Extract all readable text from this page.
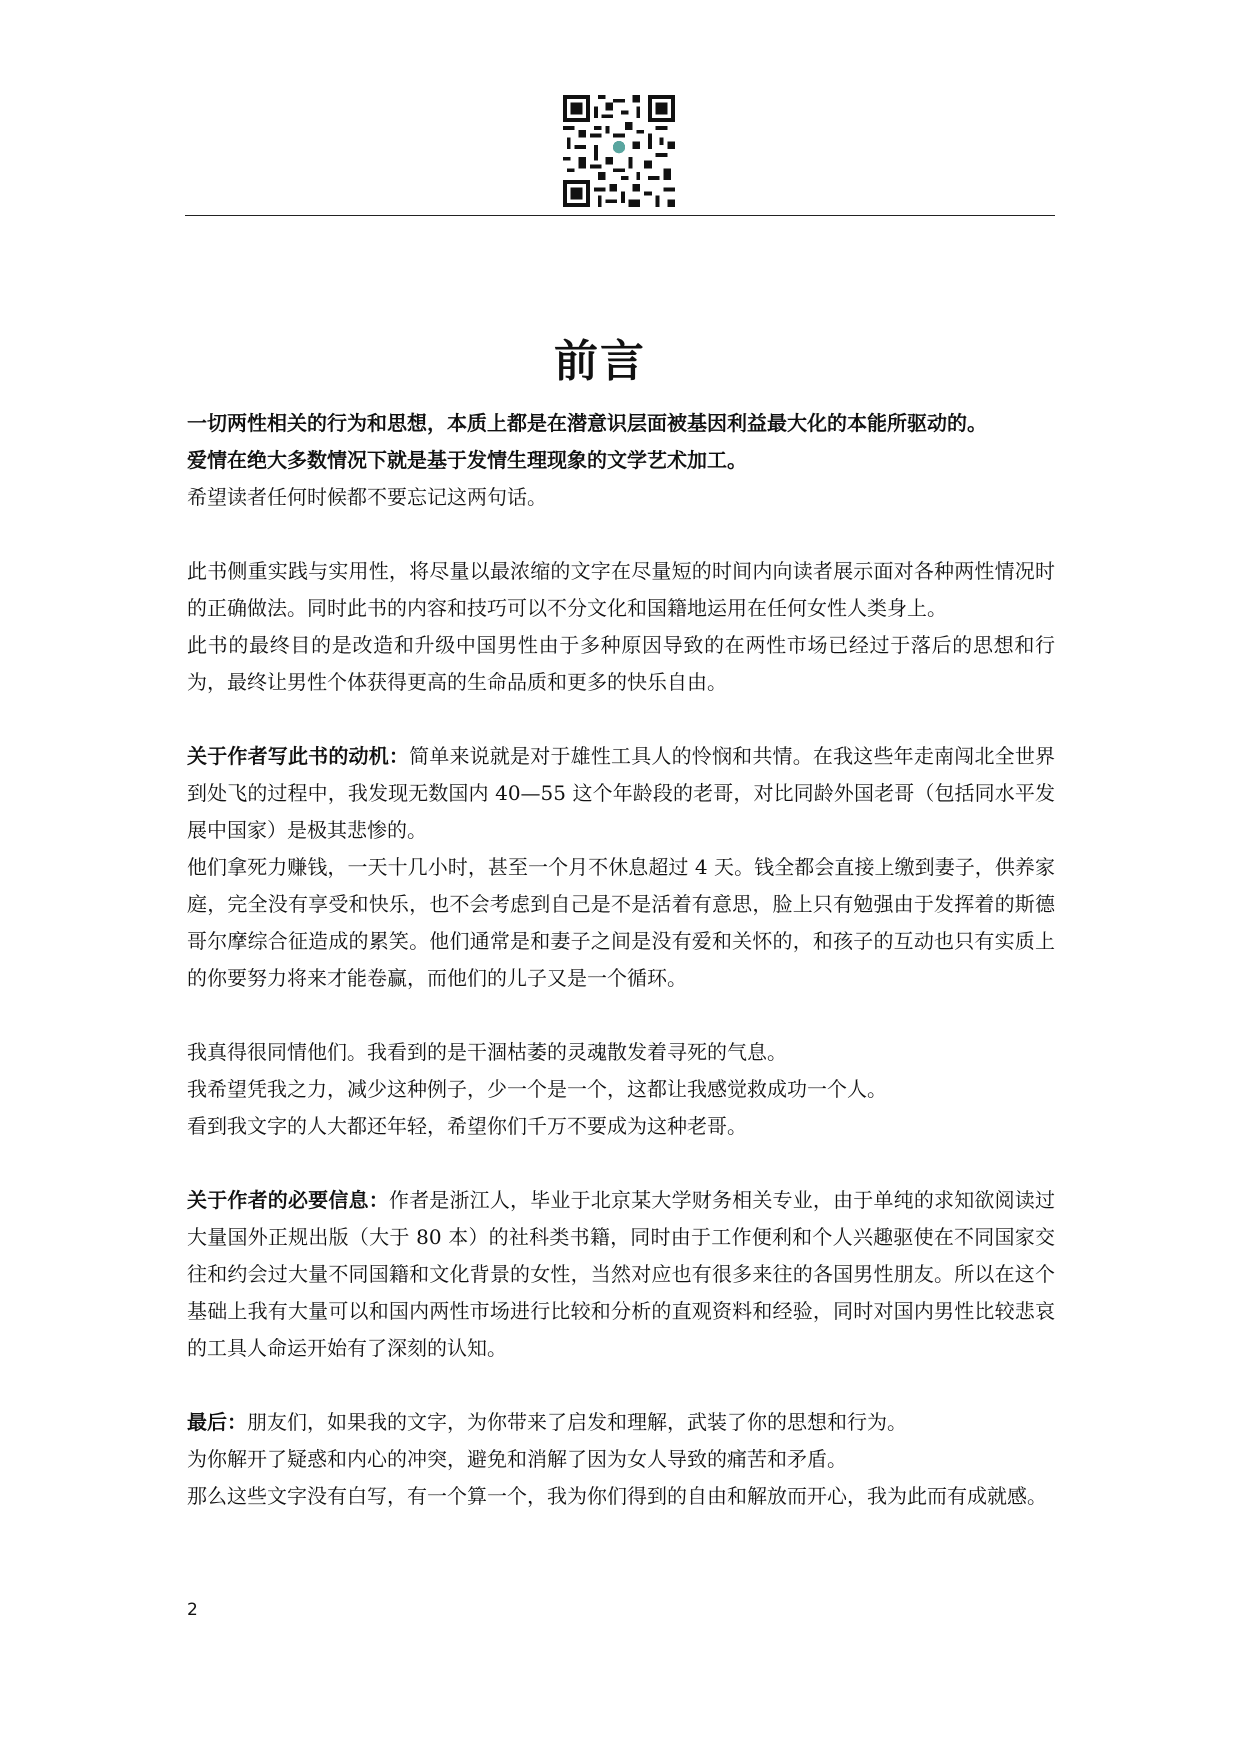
前言

一切两性相关的行为和思想，本质上都是在潜意识层面被基因利益最大化的本能所驱动的。

爱情在绝大多数情况下就是基于发情生理现象的文学艺术加工。

希望读者任何时候都不要忘记这两句话。

此书侧重实践与实用性，将尽量以最浓缩的文字在尽量短的时间内向读者展示面对各种两性情况时的正确做法。同时此书的内容和技巧可以不分文化和国籍地运用在任何女性人类身上。

此书的最终目的是改造和升级中国男性由于多种原因导致的在两性市场已经过于落后的思想和行为，最终让男性个体获得更高的生命品质和更多的快乐自由。

关于作者写此书的动机：简单来说就是对于雄性工具人的怜悯和共情。在我这些年走南闯北全世界到处飞的过程中，我发现无数国内 40—55 这个年龄段的老哥，对比同龄外国老哥（包括同水平发展中国家）是极其悲惨的。

他们拿死力赚钱，一天十几小时，甚至一个月不休息超过 4 天。钱全都会直接上缴到妻子，供养家庭，完全没有享受和快乐，也不会考虑到自己是不是活着有意思，脸上只有勉强由于发挥着的斯德哥尔摩综合征造成的累笑。他们通常是和妻子之间是没有爱和关怀的，和孩子的互动也只有实质上的你要努力将来才能卷赢，而他们的儿子又是一个循环。

我真得很同情他们。我看到的是干涸枯萎的灵魂散发着寻死的气息。

我希望凭我之力，减少这种例子，少一个是一个，这都让我感觉救成功一个人。

看到我文字的人大都还年轻，希望你们千万不要成为这种老哥。

关于作者的必要信息：作者是浙江人，毕业于北京某大学财务相关专业，由于单纯的求知欲阅读过大量国外正规出版（大于 80 本）的社科类书籍，同时由于工作便利和个人兴趣驱使在不同国家交往和约会过大量不同国籍和文化背景的女性，当然对应也有很多来往的各国男性朋友。所以在这个基础上我有大量可以和国内两性市场进行比较和分析的直观资料和经验，同时对国内男性比较悲哀的工具人命运开始有了深刻的认知。

最后：朋友们，如果我的文字，为你带来了启发和理解，武装了你的思想和行为。

为你解开了疑惑和内心的冲突，避免和消解了因为女人导致的痛苦和矛盾。

那么这些文字没有白写，有一个算一个，我为你们得到的自由和解放而开心，我为此而有成就感。

2
